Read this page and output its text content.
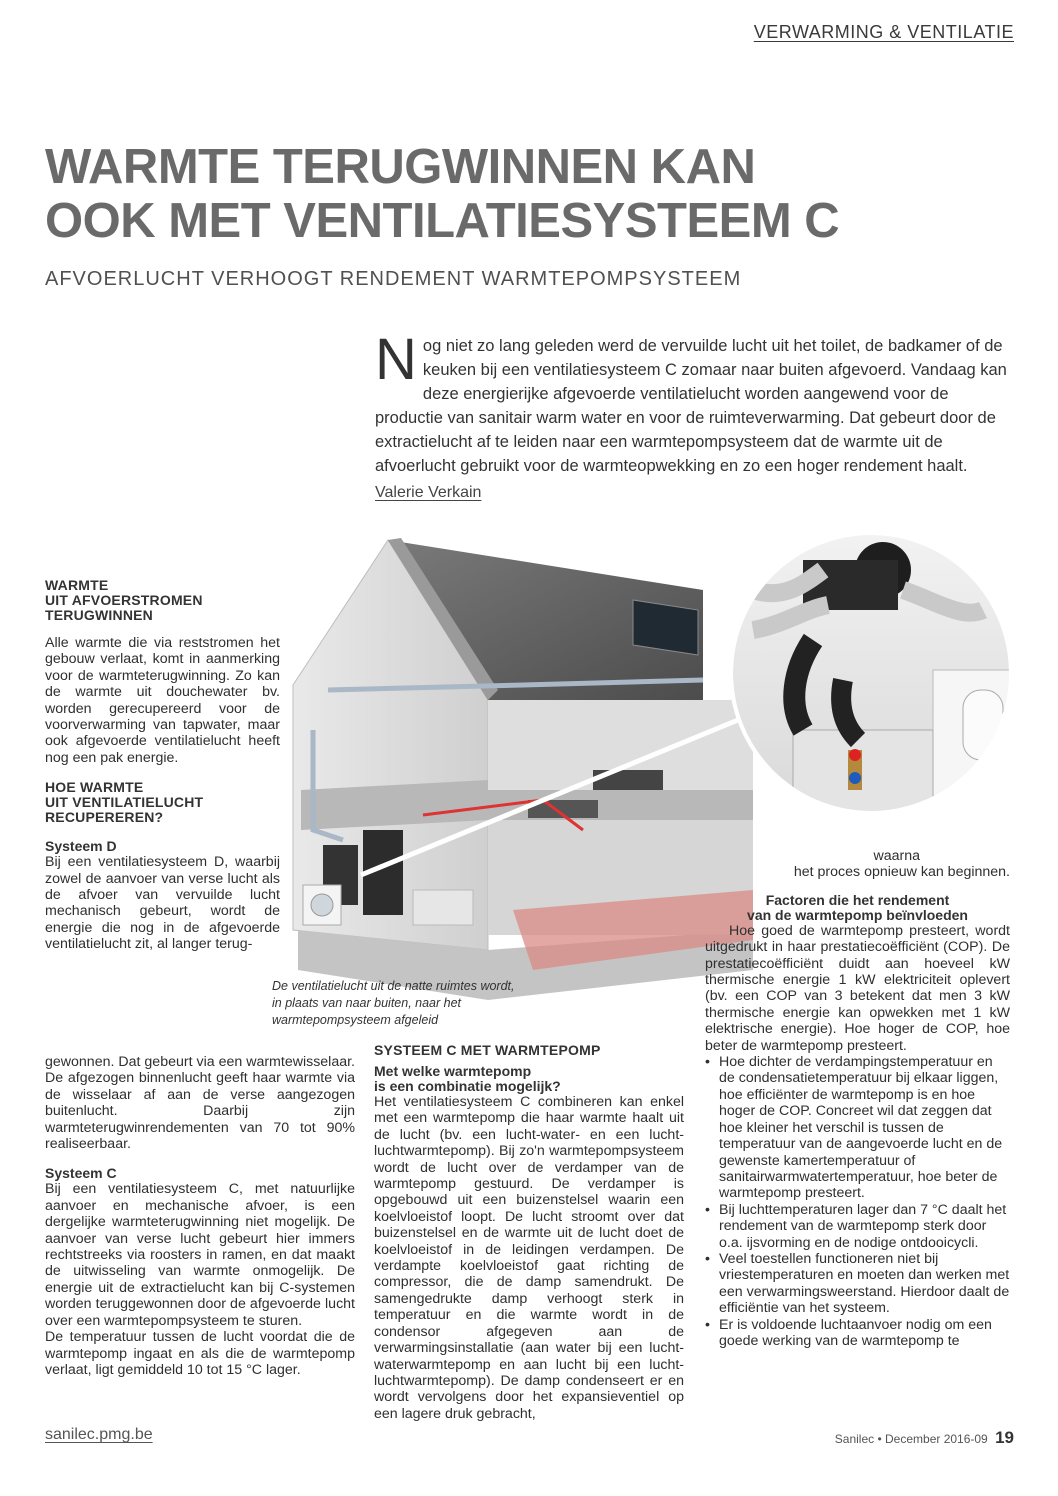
VERWARMING & VENTILATIE
WARMTE TERUGWINNEN KAN
OOK MET VENTILATIESYSTEEM C
AFVOERLUCHT VERHOOGT RENDEMENT WARMTEPOMPSYSTEEM
N og niet zo lang geleden werd de vervuilde lucht uit het toilet, de badkamer of de keuken bij een ventilatiesysteem C zomaar naar buiten afgevoerd. Vandaag kan deze energierijke afgevoerde ventilatielucht worden aangewend voor de productie van sanitair warm water en voor de ruimteverwarming. Dat gebeurt door de extractielucht af te leiden naar een warmtepompsysteem dat de warmte uit de afvoerlucht gebruikt voor de warmteopwekking en zo een hoger rendement haalt.
Valerie Verkain
De ventilatielucht uit de natte ruimtes wordt, in plaats van naar buiten, naar het warmtepompsysteem afgeleid
WARMTE
UIT AFVOERSTROMEN
TERUGWINNEN

Alle warmte die via reststromen het gebouw verlaat, komt in aanmerking voor de warmteterugwinning. Zo kan de warmte uit douchewater bv. worden gerecupereerd voor de voorverwarming van tapwater, maar ook afgevoerde ventilatielucht heeft nog een pak energie.

HOE WARMTE
UIT VENTILATIELUCHT
RECUPEREREN?
Systeem D

Bij een ventilatiesysteem D, waarbij zowel de aanvoer van verse lucht als de afvoer van vervuilde lucht mechanisch gebeurt, wordt de energie die nog in de afgevoerde ventilatielucht zit, al langer terug-

gewonnen. Dat gebeurt via een warmtewisselaar. De afgezogen binnenlucht geeft haar warmte via de wisselaar af aan de verse aangezogen buitenlucht. Daarbij zijn warmteterugwinrendementen van 70 tot 90% realiseerbaar.

Systeem C

Bij een ventilatiesysteem C, met natuurlijke aanvoer en mechanische afvoer, is een dergelijke warmteterugwinning niet mogelijk. De aanvoer van verse lucht gebeurt hier immers rechtstreeks via roosters in ramen, en dat maakt de uitwisseling van warmte onmogelijk. De energie uit de extractielucht kan bij C-systemen worden teruggewonnen door de afgevoerde lucht over een warmtepompsysteem te sturen.

De temperatuur tussen de lucht voordat die de warmtepomp ingaat en als die de warmtepomp verlaat, ligt gemiddeld 10 tot 15 °C lager.

SYSTEEM C MET WARMTEPOMP
Met welke warmtepomp
is een combinatie mogelijk?

Het ventilatiesysteem C combineren kan enkel met een warmtepomp die haar warmte haalt uit de lucht (bv. een lucht-water- en een lucht-luchtwarmtepomp). Bij zo'n warmtepompsysteem wordt de lucht over de verdamper van de warmtepomp gestuurd. De verdamper is opgebouwd uit een buizenstelsel waarin een koelvloeistof loopt. De lucht stroomt over dat buizenstelsel en de warmte uit de lucht doet de koelvloeistof in de leidingen verdampen. De verdampte koelvloeistof gaat richting de compressor, die de damp samendrukt. De samengedrukte damp verhoogt sterk in temperatuur en die warmte wordt in de condensor afgegeven aan de verwarmingsinstallatie (aan water bij een lucht-waterwarmtepomp en aan lucht bij een lucht-luchtwarmtepomp). De damp condenseert er en wordt vervolgens door het expansieventiel op een lagere druk gebracht,

waarna

het proces opnieuw kan beginnen.

Factoren die het rendement
van de warmtepomp beïnvloeden

Hoe goed de warmtepomp presteert, wordt uitgedrukt in haar prestatiecoëfficiënt (COP). De prestatiecoëfficiënt duidt aan hoeveel kW thermische energie 1 kW elektriciteit oplevert (bv. een COP van 3 betekent dat men 3 kW thermische energie kan opwekken met 1 kW elektrische energie). Hoe hoger de COP, hoe beter de warmtepomp presteert.

• Hoe dichter de verdampingstemperatuur en de condensatietemperatuur bij elkaar liggen, hoe efficiënter de warmtepomp is en hoe hoger de COP. Concreet wil dat zeggen dat hoe kleiner het verschil is tussen de temperatuur van de aangevoerde lucht en de gewenste kamertemperatuur of sanitairwarmwatertemperatuur, hoe beter de warmtepomp presteert.
• Bij luchttemperaturen lager dan 7 °C daalt het rendement van de warmtepomp sterk door o.a. ijsvorming en de nodige ontdooicycli.
• Veel toestellen functioneren niet bij vriestemperaturen en moeten dan werken met een verwarmingsweerstand. Hierdoor daalt de efficiëntie van het systeem.
• Er is voldoende luchtaanvoer nodig om een goede werking van de warmtepomp te
sanilec.pmg.be	Sanilec • December 2016-09 19
